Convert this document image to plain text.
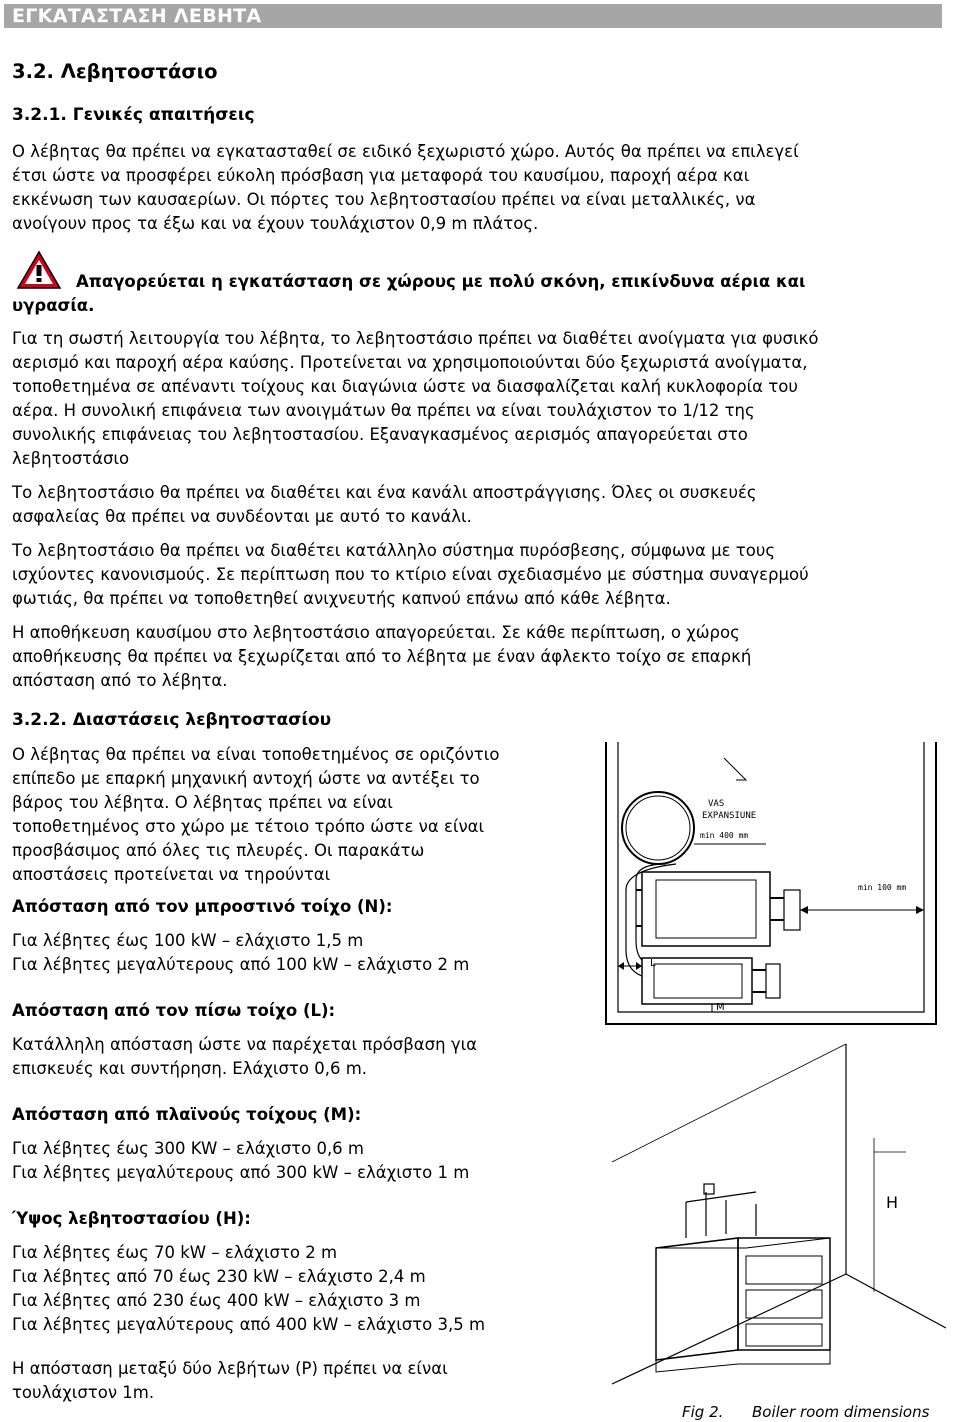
ΕΓΚΑΤΑΣΤΑΣΗ ΛΕΒΗΤΑ
3.2. Λεβητοστάσιο
3.2.1. Γενικές απαιτήσεις
Ο λέβητας θα πρέπει να εγκατασταθεί σε ειδικό ξεχωριστό χώρο. Αυτός θα πρέπει να επιλεγεί
έτσι ώστε να προσφέρει εύκολη πρόσβαση για μεταφορά του καυσίμου, παροχή αέρα και
εκκένωση των καυσαερίων. Οι πόρτες του λεβητοστασίου πρέπει να είναι μεταλλικές, να
ανοίγουν προς τα έξω και να έχουν τουλάχιστον 0,9 m πλάτος.
Απαγορεύεται η εγκατάσταση σε χώρους με πολύ σκόνη, επικίνδυνα αέρια και
υγρασία.
Για τη σωστή λειτουργία του λέβητα, το λεβητοστάσιο πρέπει να διαθέτει ανοίγματα για φυσικό
αερισμό και παροχή αέρα καύσης. Προτείνεται να χρησιμοποιούνται δύο ξεχωριστά ανοίγματα,
τοποθετημένα σε απέναντι τοίχους και διαγώνια ώστε να διασφαλίζεται καλή κυκλοφορία του
αέρα. Η συνολική επιφάνεια των ανοιγμάτων θα πρέπει να είναι τουλάχιστον το 1/12 της
συνολικής επιφάνειας του λεβητοστασίου. Εξαναγκασμένος αερισμός απαγορεύεται στο
λεβητοστάσιο
Το λεβητοστάσιο θα πρέπει να διαθέτει και ένα κανάλι αποστράγγισης. Όλες οι συσκευές
ασφαλείας θα πρέπει να συνδέονται με αυτό το κανάλι.
Το λεβητοστάσιο θα πρέπει να διαθέτει κατάλληλο σύστημα πυρόσβεσης, σύμφωνα με τους
ισχύοντες κανονισμούς. Σε περίπτωση που το κτίριο είναι σχεδιασμένο με σύστημα συναγερμού
φωτιάς, θα πρέπει να τοποθετηθεί ανιχνευτής καπνού επάνω από κάθε λέβητα.
Η αποθήκευση καυσίμου στο λεβητοστάσιο απαγορεύεται. Σε κάθε περίπτωση, ο χώρος
αποθήκευσης θα πρέπει να ξεχωρίζεται από το λέβητα με έναν άφλεκτο τοίχο σε επαρκή
απόσταση από το λέβητα.
3.2.2. Διαστάσεις λεβητοστασίου
Ο λέβητας θα πρέπει να είναι τοποθετημένος σε οριζόντιο
επίπεδο με επαρκή μηχανική αντοχή ώστε να αντέξει το
βάρος του λέβητα. Ο λέβητας πρέπει να είναι
τοποθετημένος στο χώρο με τέτοιο τρόπο ώστε να είναι
προσβάσιμος από όλες τις πλευρές. Οι παρακάτω
αποστάσεις προτείνεται να τηρούνται
Απόσταση από τον μπροστινό τοίχο (N):
Για λέβητες έως 100 kW – ελάχιστο 1,5 m
Για λέβητες μεγαλύτερους από 100 kW – ελάχιστο 2 m
Απόσταση από τον πίσω τοίχο (L):
Κατάλληλη απόσταση ώστε να παρέχεται πρόσβαση για
επισκευές και συντήρηση. Ελάχιστο 0,6 m.
Απόσταση από πλαϊνούς τοίχους (M):
Για λέβητες έως 300 KW – ελάχιστο 0,6 m
Για λέβητες μεγαλύτερους από 300 kW – ελάχιστο 1 m
Ύψος λεβητοστασίου (H):
Για λέβητες έως 70 kW – ελάχιστο 2 m
Για λέβητες από 70 έως 230 kW – ελάχιστο 2,4 m
Για λέβητες από 230 έως 400 kW – ελάχιστο 3 m
Για λέβητες μεγαλύτερους από 400 kW – ελάχιστο 3,5 m
Η απόσταση μεταξύ δύο λεβήτων (P) πρέπει να είναι
τουλάχιστον 1m.
VAS
EXPANSIUNE
min 400 mm
min 100 mm
L
M
H
Fig 2. Boiler room dimensions
